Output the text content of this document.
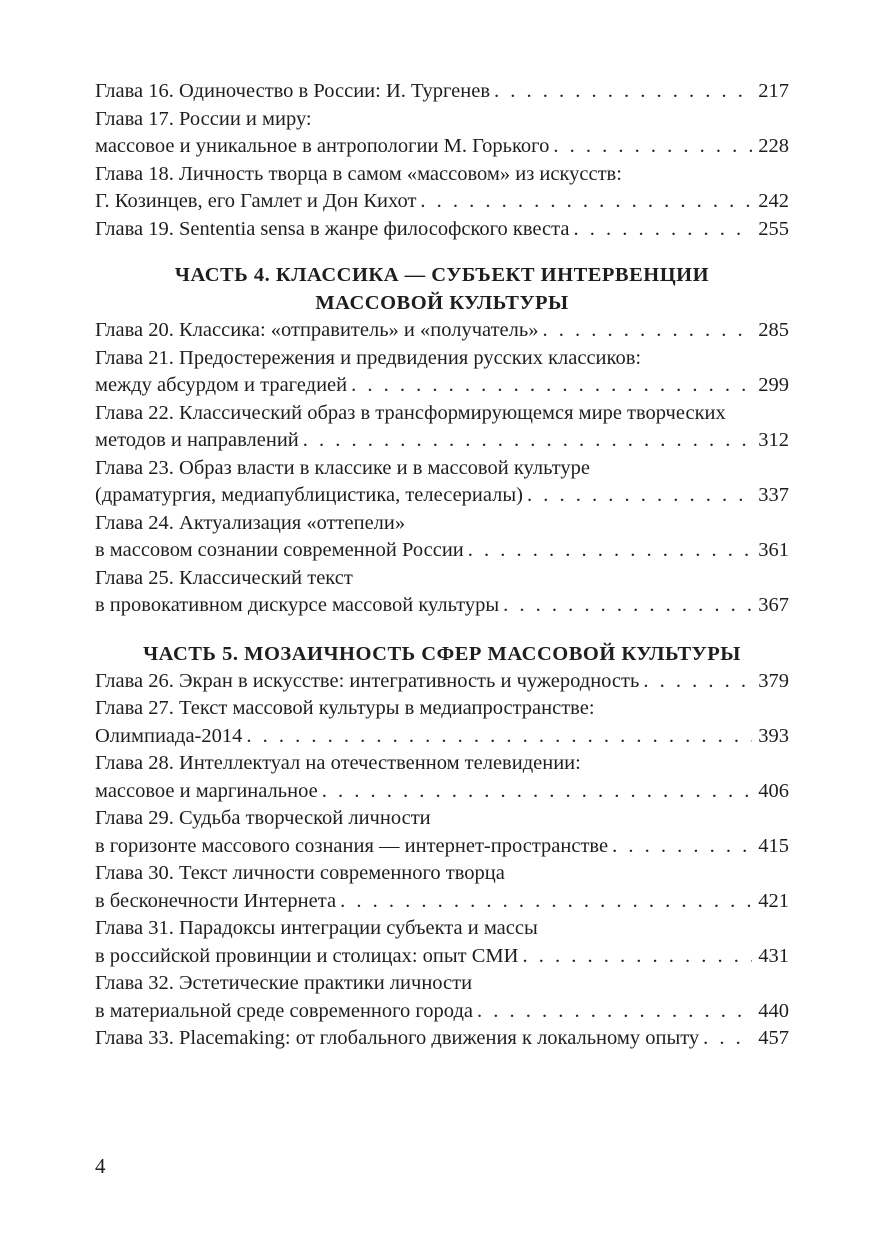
Глава 16. Одиночество в России: И. Тургенев . . .	217
Глава 17. России и миру:
массовое и уникальное в антропологии М. Горького . . .	228
Глава 18. Личность творца в самом «массовом» из искусств:
Г. Козинцев, его Гамлет и Дон Кихот . . .	242
Глава 19. Sententia sensa в жанре философского квеста . . .	255
ЧАСТЬ 4. КЛАССИКА — СУБЪЕКТ ИНТЕРВЕНЦИИ
МАССОВОЙ КУЛЬТУРЫ
Глава 20. Классика: «отправитель» и «получатель» . . .	285
Глава 21. Предостережения и предвидения русских классиков:
между абсурдом и трагедией . . .	299
Глава 22. Классический образ в трансформирующемся мире творческих
методов и направлений . . .	312
Глава 23. Образ власти в классике и в массовой культуре
(драматургия, медиапублицистика, телесериалы) . . .	337
Глава 24. Актуализация «оттепели»
в массовом сознании современной России . . .	361
Глава 25. Классический текст
в провокативном дискурсе массовой культуры . . .	367
ЧАСТЬ 5. МОЗАИЧНОСТЬ СФЕР МАССОВОЙ КУЛЬТУРЫ
Глава 26. Экран в искусстве: интегративность и чужеродность . . .	379
Глава 27. Текст массовой культуры в медиапространстве:
Олимпиада-2014 . . .	393
Глава 28. Интеллектуал на отечественном телевидении:
массовое и маргинальное . . .	406
Глава 29. Судьба творческой личности
в горизонте массового сознания — интернет-пространстве . . .	415
Глава 30. Текст личности современного творца
в бесконечности Интернета . . .	421
Глава 31. Парадоксы интеграции субъекта и массы
в российской провинции и столицах: опыт СМИ . . .	431
Глава 32. Эстетические практики личности
в материальной среде современного города . . .	440
Глава 33. Placemaking: от глобального движения к локальному опыту . . .	457
4
